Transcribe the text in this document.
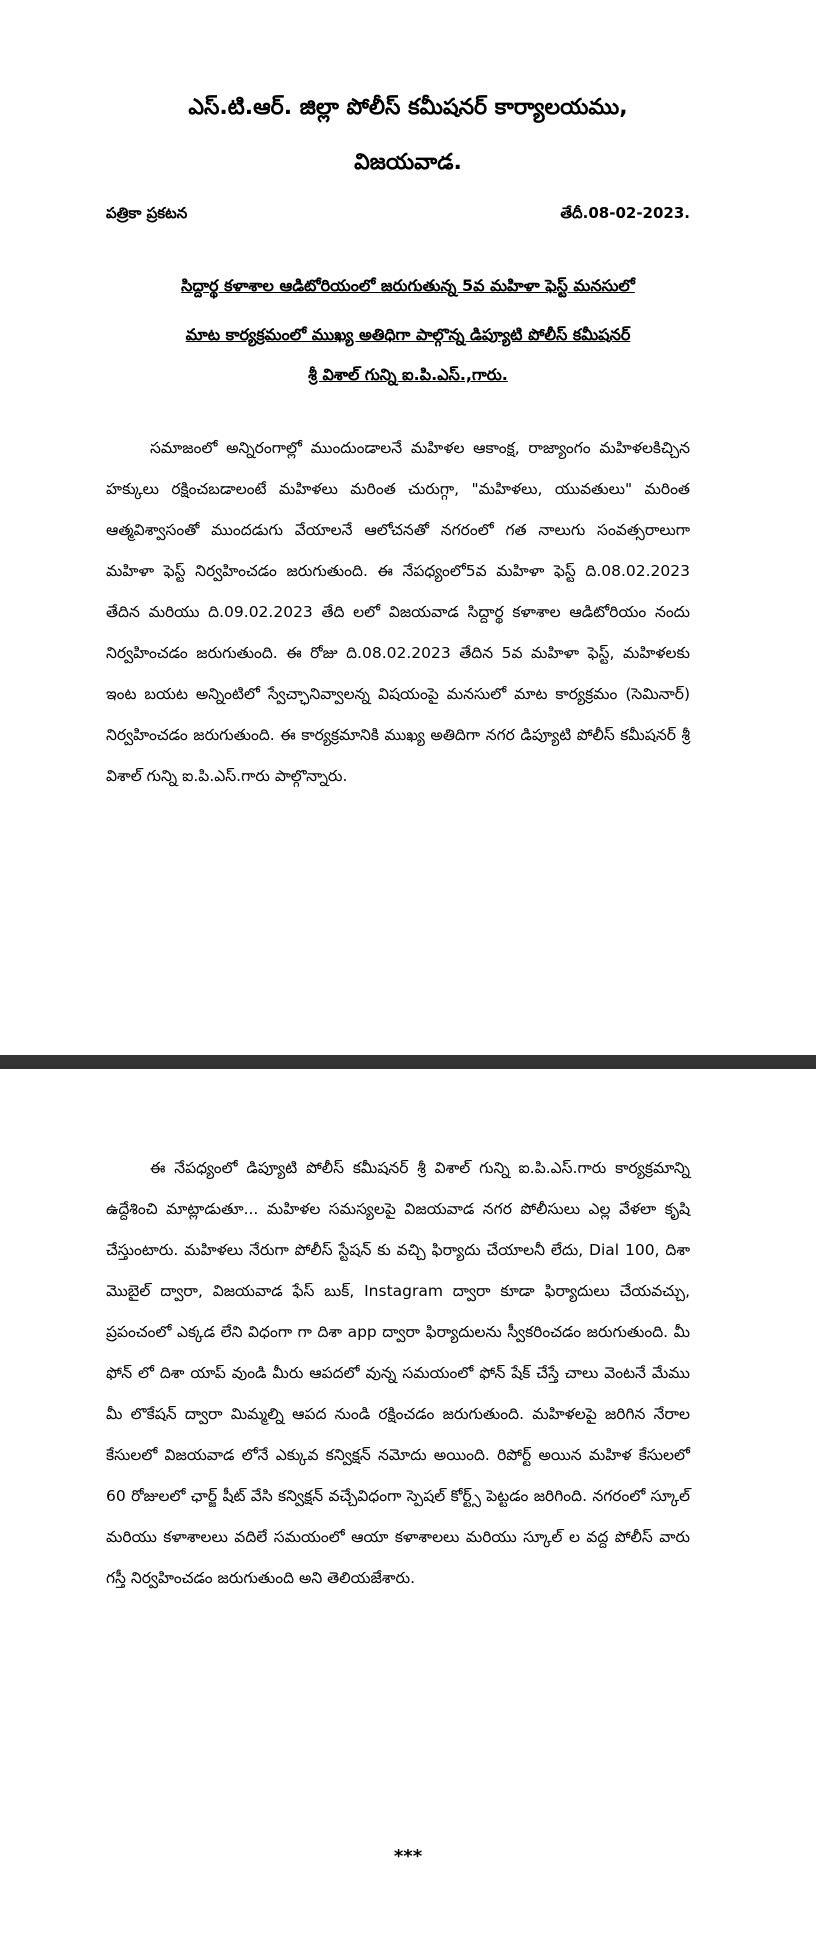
ఎస్.టి.ఆర్. జిల్లా పోలీస్ కమీషనర్ కార్యాలయము,
విజయవాడ.
పత్రికా ప్రకటన	తేదీ.08-02-2023.
సిద్దార్థ కళాశాల ఆడిటోరియంలో జరుగుతున్న 5వ మహిళా ఫెస్ట్ మనసులో
మాట కార్యక్రమంలో ముఖ్య అతిధిగా పాల్గొన్న డిప్యూటి పోలీస్ కమీషనర్
శ్రీ విశాల్ గున్ని ఐ.పి.ఎస్.,గారు.

సమాజంలో అన్నిరంగాల్లో ముందుండాలనే మహిళల ఆకాంక్ష, రాజ్యాంగం మహిళలకిచ్చిన హక్కులు రక్షించబడాలంటే మహిళలు మరింత చురుగ్గా, "మహిళలు, యువతులు" మరింత ఆత్మవిశ్వాసంతో ముందడుగు వేయాలనే ఆలోచనతో నగరంలో గత నాలుగు సంవత్సరాలుగా మహిళా ఫెస్ట్ నిర్వహించడం జరుగుతుంది. ఈ నేపధ్యంలో5వ మహిళా ఫెస్ట్ ది.08.02.2023 తేదిన మరియు ది.09.02.2023 తేది లలో విజయవాడ సిద్దార్థ కళాశాల ఆడిటోరియం నందు నిర్వహించడం జరుగుతుంది. ఈ రోజు ది.08.02.2023 తేదిన 5వ మహిళా ఫెస్ట్, మహిళలకు ఇంట బయట అన్నింటిలో స్వేచ్ఛానివ్వాలన్న విషయంపై మనసులో మాట కార్యక్రమం (సెమినార్) నిర్వహించడం జరుగుతుంది. ఈ కార్యక్రమానికి ముఖ్య అతిదిగా నగర డిప్యూటి పోలీస్ కమీషనర్ శ్రీ విశాల్ గున్ని ఐ.పి.ఎస్.గారు పాల్గొన్నారు.

ఈ నేపధ్యంలో డిప్యూటి పోలీస్ కమీషనర్ శ్రీ విశాల్ గున్ని ఐ.పి.ఎస్.గారు కార్యక్రమాన్ని ఉద్దేశించి మాట్లాడుతూ... మహిళల సమస్యలపై విజయవాడ నగర పోలీసులు ఎల్ల వేళలా కృషి చేస్తుంటారు. మహిళలు నేరుగా పోలీస్ స్టేషన్ కు వచ్చి ఫిర్యాదు చేయాలనీ లేదు, Dial 100, దిశా మొబైల్ ద్వారా, విజయవాడ ఫేస్ బుక్, Instagram ద్వారా కూడా ఫిర్యాదులు చేయవచ్చు, ప్రపంచంలో ఎక్కడ లేని విధంగా గా దిశా app ద్వారా ఫిర్యాదులను స్వీకరించడం జరుగుతుంది. మీ ఫోన్ లో దిశా యాప్ వుండి మీరు ఆపదలో వున్న సమయంలో ఫోన్ షేక్ చేస్తే చాలు వెంటనే మేము మీ లొకేషన్ ద్వారా మిమ్మల్ని ఆపద నుండి రక్షించడం జరుగుతుంది. మహిళలపై జరిగిన నేరాల కేసులలో విజయవాడ లోనే ఎక్కువ కన్విక్షన్ నమోదు అయింది. రిపోర్ట్ అయిన మహిళ కేసులలో 60 రోజులలో ఛార్జ్ షీట్ వేసి కన్విక్షన్ వచ్చేవిధంగా స్పెషల్ కోర్ట్స్ పెట్టడం జరిగింది. నగరంలో స్కూల్ మరియు కళాశాలలు వదిలే సమయంలో ఆయా కళాశాలలు మరియు స్కూల్ ల వద్ద పోలీస్ వారు గస్తీ నిర్వహించడం జరుగుతుంది అని తెలియజేశారు.

***
